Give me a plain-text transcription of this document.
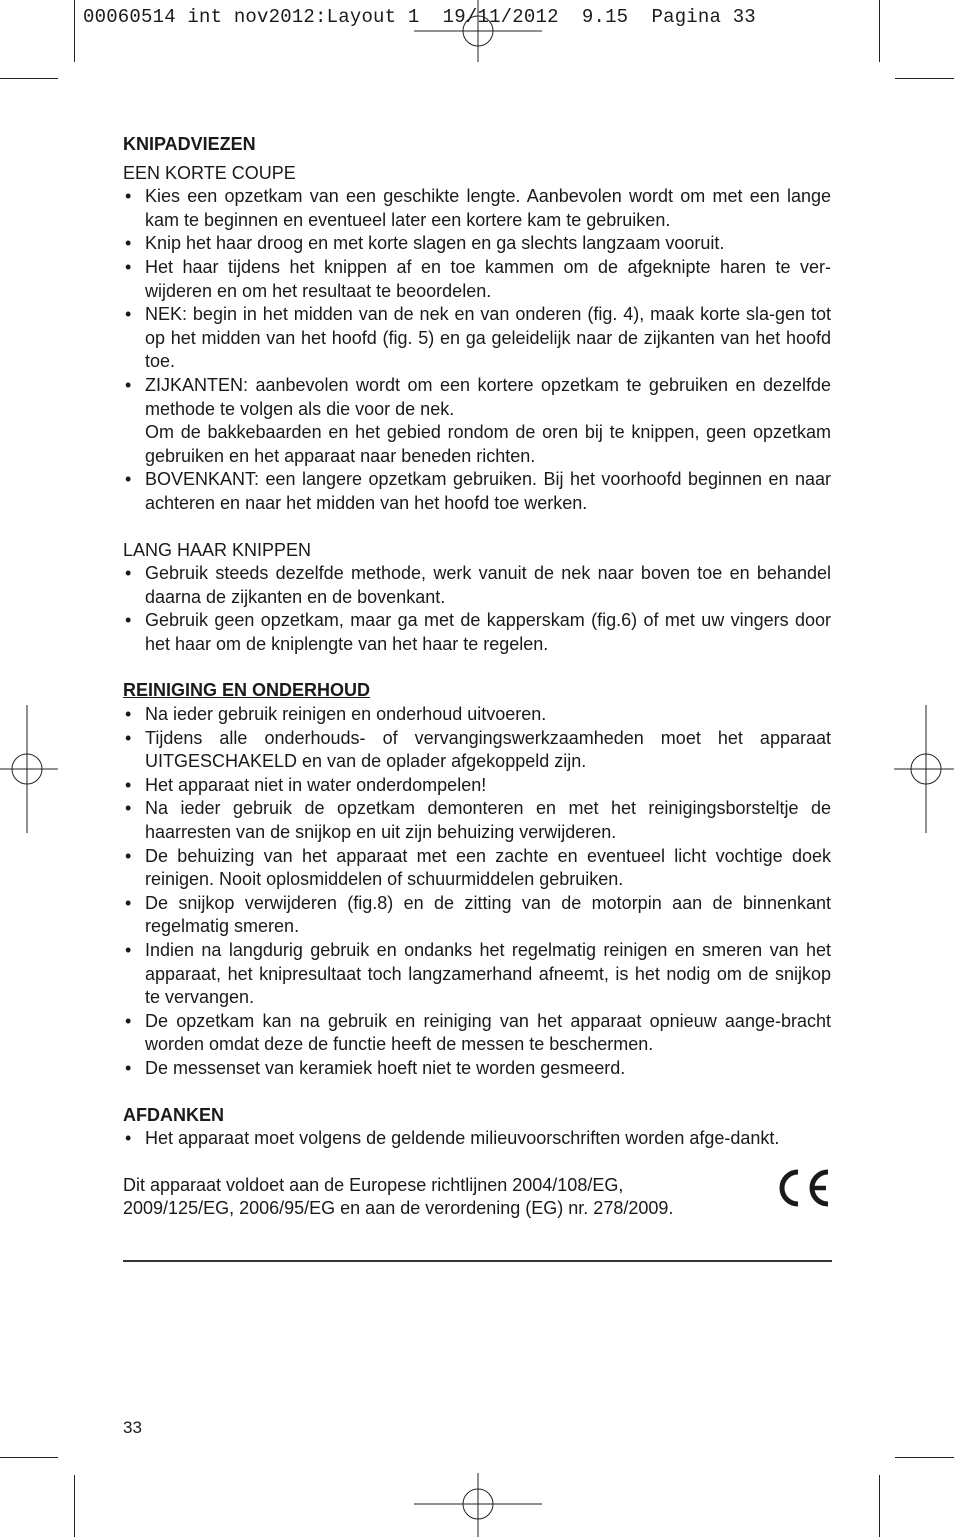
00060514 int nov2012:Layout 1  19/11/2012  9.15  Pagina 33

KNIPADVIEZEN

EEN KORTE COUPE

• Kies een opzetkam van een geschikte lengte. Aanbevolen wordt om met een lange kam te beginnen en eventueel later een kortere kam te gebruiken.
• Knip het haar droog en met korte slagen en ga slechts langzaam vooruit.
• Het haar tijdens het knippen af en toe kammen om de afgeknipte haren te ver-wijderen en om het resultaat te beoordelen.
• NEK: begin in het midden van de nek en van onderen (fig. 4), maak korte sla-gen tot op het midden van het hoofd (fig. 5) en ga geleidelijk naar de zijkanten van het hoofd toe.
• ZIJKANTEN: aanbevolen wordt om een kortere opzetkam te gebruiken en dezelfde methode te volgen als die voor de nek.
Om de bakkebaarden en het gebied rondom de oren bij te knippen, geen opzetkam gebruiken en het apparaat naar beneden richten.
• BOVENKANT: een langere opzetkam gebruiken. Bij het voorhoofd beginnen en naar achteren en naar het midden van het hoofd toe werken.

LANG HAAR KNIPPEN

• Gebruik steeds dezelfde methode, werk vanuit de nek naar boven toe en behandel daarna de zijkanten en de bovenkant.
• Gebruik geen opzetkam, maar ga met de kapperskam (fig.6) of met uw vingers door het haar om de kniplengte van het haar te regelen.

REINIGING EN ONDERHOUD

• Na ieder gebruik reinigen en onderhoud uitvoeren.
• Tijdens alle onderhouds- of vervangingswerkzaamheden moet het apparaat UITGESCHAKELD en van de oplader afgekoppeld zijn.
• Het apparaat niet in water onderdompelen!
• Na ieder gebruik de opzetkam demonteren en met het reinigingsborsteltje de haarresten van de snijkop en uit zijn behuizing verwijderen.
• De behuizing van het apparaat met een zachte en eventueel licht vochtige doek reinigen. Nooit oplosmiddelen of schuurmiddelen gebruiken.
• De snijkop verwijderen (fig.8) en de zitting van de motorpin aan de binnenkant regelmatig smeren.
• Indien na langdurig gebruik en ondanks het regelmatig reinigen en smeren van het apparaat, het knipresultaat toch langzamerhand afneemt, is het nodig om de snijkop te vervangen.
• De opzetkam kan na gebruik en reiniging van het apparaat opnieuw aange-bracht worden omdat deze de functie heeft de messen te beschermen.
• De messenset van keramiek hoeft niet te worden gesmeerd.

AFDANKEN

• Het apparaat moet volgens de geldende milieuvoorschriften worden afge-dankt.
Dit apparaat voldoet aan de Europese richtlijnen 2004/108/EG,
2009/125/EG, 2006/95/EG en aan de verordening (EG) nr. 278/2009.
33
